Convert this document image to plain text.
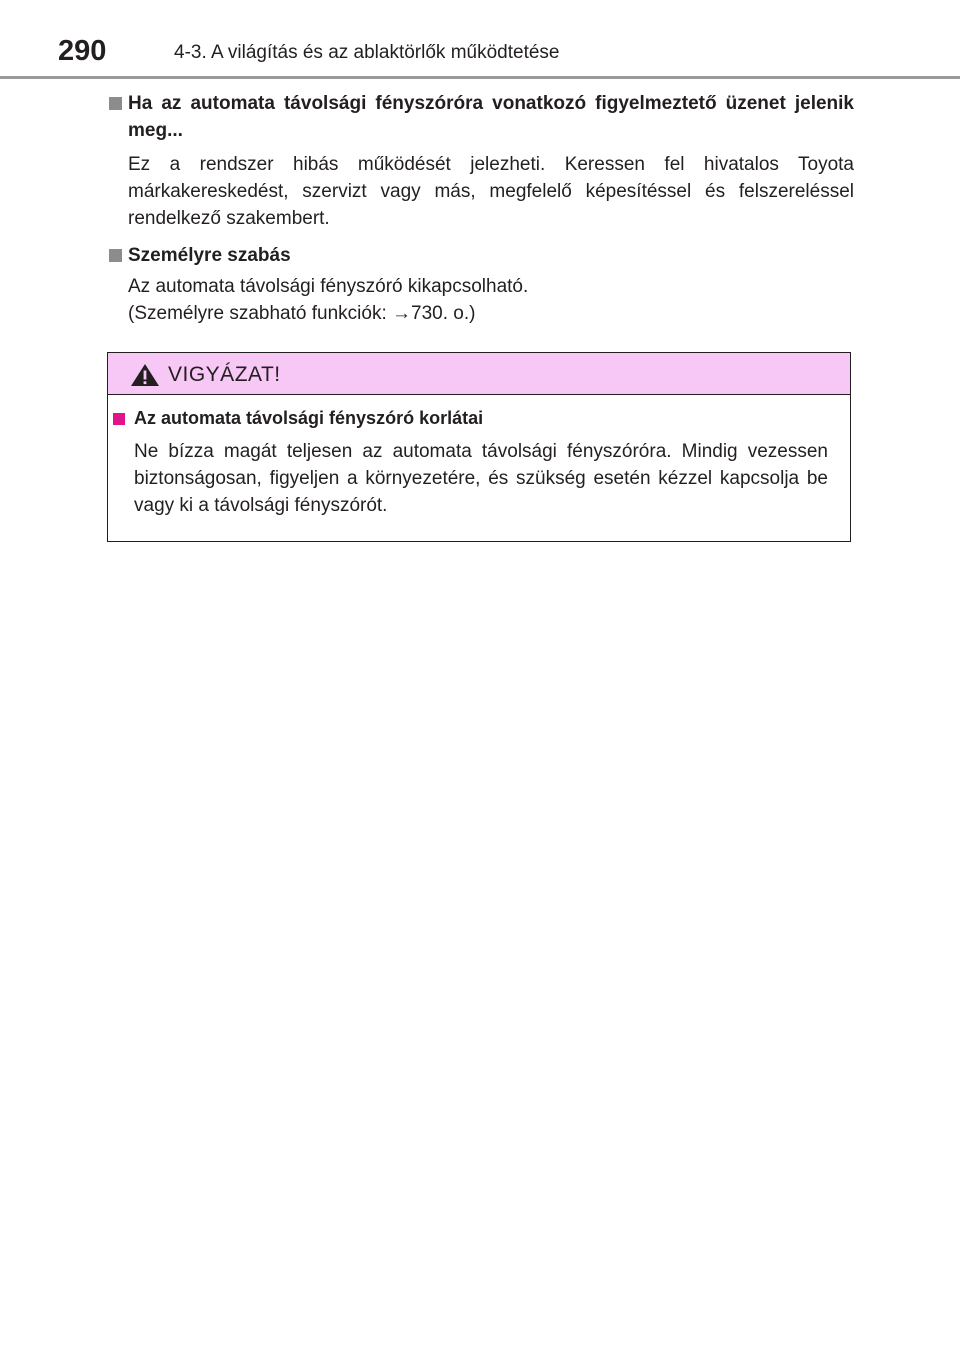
290	4-3. A világítás és az ablaktörlők működtetése

Ha az automata távolsági fényszóróra vonatkozó figyelmeztető üzenet jelenik meg...

Ez a rendszer hibás működését jelezheti. Keressen fel hivatalos Toyota márkakereskedést, szervizt vagy más, megfelelő képesítéssel és felszereléssel rendelkező szakembert.

Személyre szabás

Az automata távolsági fényszóró kikapcsolható.
(Személyre szabható funkciók: →730. o.)

VIGYÁZAT!

Az automata távolsági fényszóró korlátai

Ne bízza magát teljesen az automata távolsági fényszóróra. Mindig vezessen biztonságosan, figyeljen a környezetére, és szükség esetén kézzel kapcsolja be vagy ki a távolsági fényszórót.
